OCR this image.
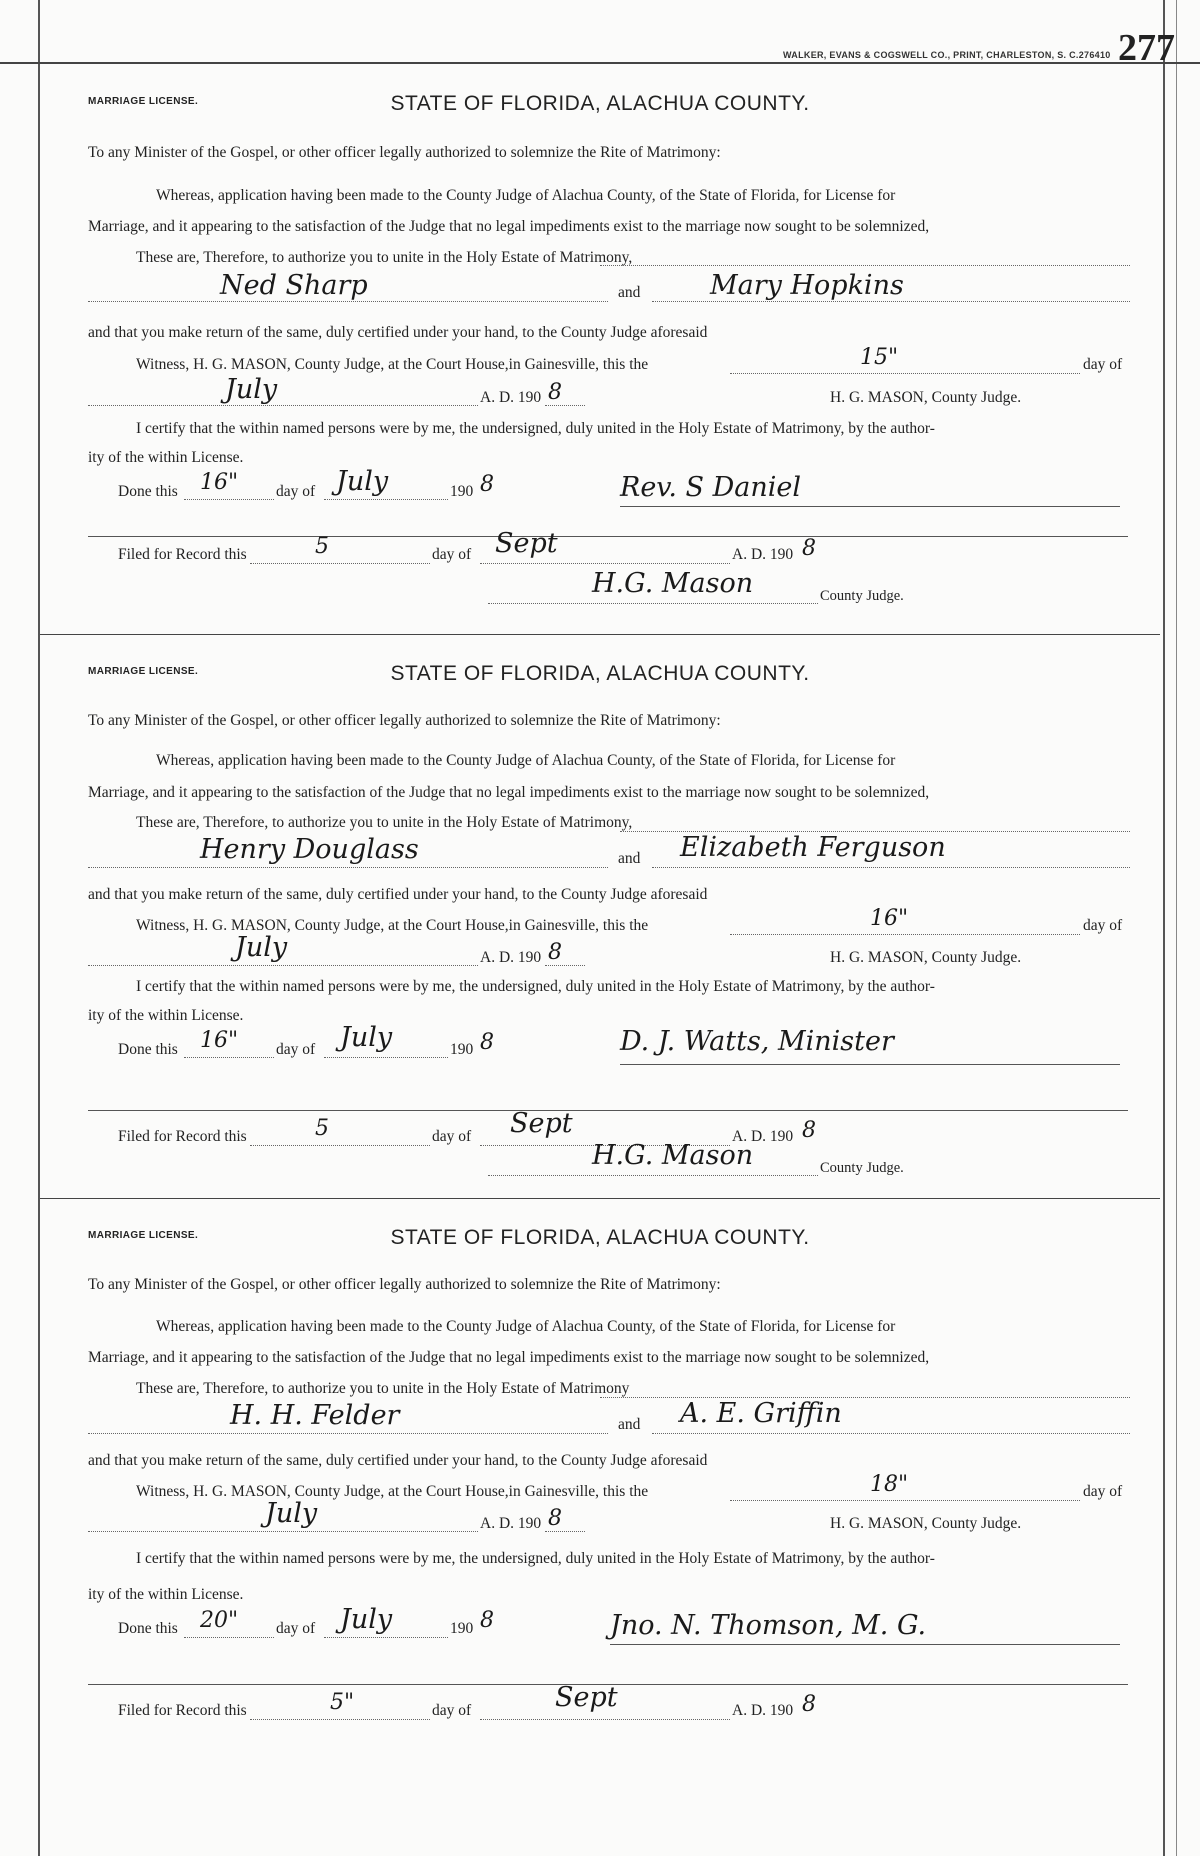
WALKER, EVANS & COGSWELL CO., PRINT, CHARLESTON, S. C.276410 277
MARRIAGE LICENSE.	STATE OF FLORIDA, ALACHUA COUNTY.
To any Minister of the Gospel, or other officer legally authorized to solemnize the Rite of Matrimony:
Whereas, application having been made to the County Judge of Alachua County, of the State of Florida, for License for
Marriage, and it appearing to the satisfaction of the Judge that no legal impediments exist to the marriage now sought to be solemnized,
These are, Therefore, to authorize you to unite in the Holy Estate of Matrimony,
Ned Sharp	and	Mary Hopkins
and that you make return of the same, duly certified under your hand, to the County Judge aforesaid
Witness, H. G. MASON, County Judge, at the Court House,in Gainesville, this the	15"	day of
July	A. D. 190 8	H. G. MASON, County Judge.
I certify that the within named persons were by me, the undersigned, duly united in the Holy Estate of Matrimony, by the author-
ity of the within License.
Done this 16" day of July	190 8	Rev. S Daniel
Filed for Record this	5	day of Sept	A. D. 190 8
H.G. Mason	County Judge.
MARRIAGE LICENSE.	STATE OF FLORIDA, ALACHUA COUNTY.
To any Minister of the Gospel, or other officer legally authorized to solemnize the Rite of Matrimony:
Whereas, application having been made to the County Judge of Alachua County, of the State of Florida, for License for
Marriage, and it appearing to the satisfaction of the Judge that no legal impediments exist to the marriage now sought to be solemnized,
These are, Therefore, to authorize you to unite in the Holy Estate of Matrimony,
Henry Douglass	and Elizabeth Ferguson
and that you make return of the same, duly certified under your hand, to the County Judge aforesaid
Witness, H. G. MASON, County Judge, at the Court House,in Gainesville, this the	16"	day of
July	A. D. 190 8	H. G. MASON, County Judge.
I certify that the within named persons were by me, the undersigned, duly united in the Holy Estate of Matrimony, by the author-
ity of the within License.
Done this 16" day of July	190 8	D. J. Watts, Minister
Filed for Record this	5	day of Sept	A. D. 190 8
H.G. Mason	County Judge.
MARRIAGE LICENSE.	STATE OF FLORIDA, ALACHUA COUNTY.
To any Minister of the Gospel, or other officer legally authorized to solemnize the Rite of Matrimony:
Whereas, application having been made to the County Judge of Alachua County, of the State of Florida, for License for
Marriage, and it appearing to the satisfaction of the Judge that no legal impediments exist to the marriage now sought to be solemnized,
These are, Therefore, to authorize you to unite in the Holy Estate of Matrimony
H. H. Felder	and A. E. Griffin
and that you make return of the same, duly certified under your hand, to the County Judge aforesaid
Witness, H. G. MASON, County Judge, at the Court House,in Gainesville, this the	18"	day of
July	A. D. 190 8	H. G. MASON, County Judge.
I certify that the within named persons were by me, the undersigned, duly united in the Holy Estate of Matrimony, by the author-
ity of the within License.
Done this 20" day of July	190 8	Jno. N. Thomson, M. G.
Filed for Record this	5"	day of	Sept	A. D. 190 8
